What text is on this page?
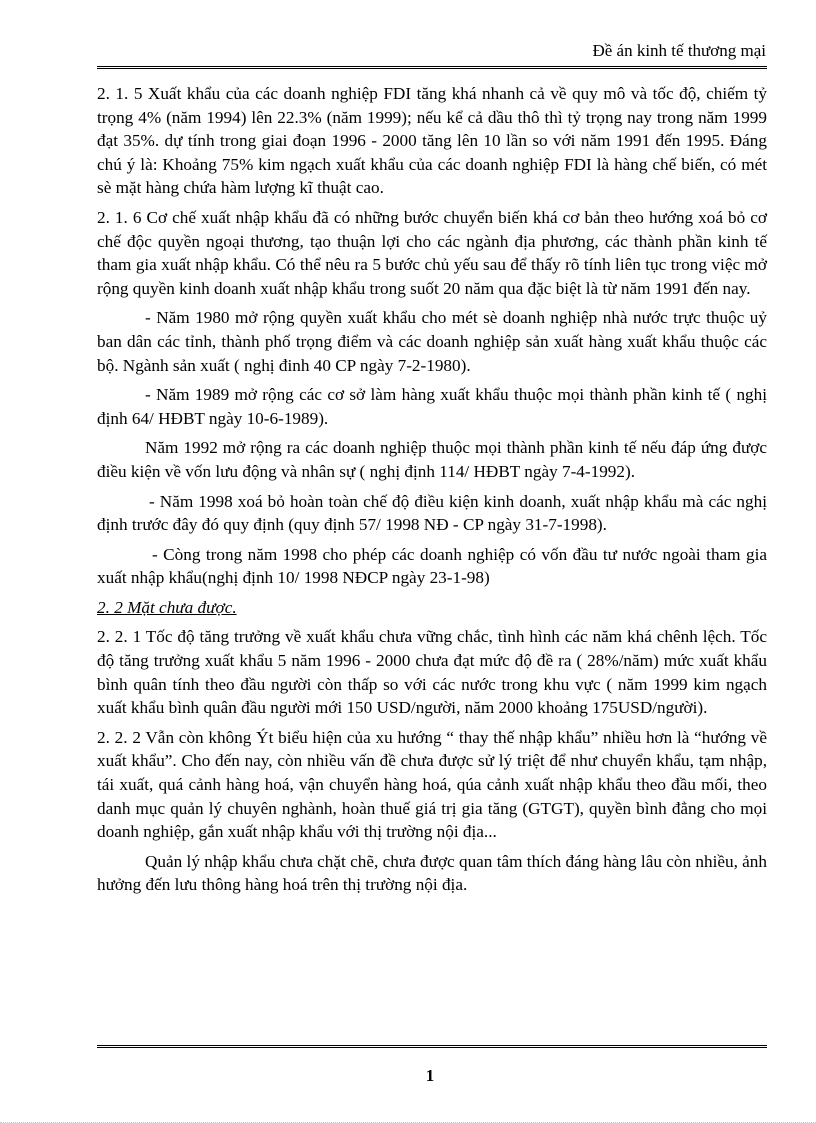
Đề án kinh tế thương mại

2. 1. 5 Xuất khẩu của các doanh nghiệp FDI tăng khá nhanh cả về quy mô và tốc độ, chiếm tỷ trọng 4% (năm 1994) lên 22.3% (năm 1999); nếu kể cả dầu thô thì tỷ trọng nay trong năm 1999 đạt 35%. dự tính trong giai đoạn 1996 - 2000 tăng lên 10 lần so với năm 1991 đến 1995. Đáng chú ý là: Khoảng 75% kim ngạch xuất khẩu của các doanh nghiệp FDI là hàng chế biến, có mét sè mặt hàng chứa hàm lượng kĩ thuật cao.

2. 1. 6 Cơ chế xuất nhập khẩu đã có những bước chuyển biến khá cơ bản theo hướng xoá bỏ cơ chế độc quyền ngoại thương, tạo thuận lợi cho các ngành địa phương, các thành phần kinh tế tham gia xuất nhập khẩu. Có thể nêu ra 5 bước chủ yếu sau để thấy rõ tính liên tục trong việc mở rộng quyền kinh doanh xuất nhập khẩu trong suốt 20 năm qua đặc biệt là từ năm 1991 đến nay.

- Năm 1980 mở rộng quyền xuất khẩu cho mét sè doanh nghiệp nhà nước trực thuộc uỷ ban dân các tỉnh, thành phố trọng điểm và các doanh nghiệp sản xuất hàng xuất khẩu thuộc các bộ. Ngành sản xuất ( nghị đinh 40 CP ngày 7-2-1980).

- Năm 1989 mở rộng các cơ sở làm hàng xuất khẩu thuộc mọi thành phần kinh tế ( nghị định 64/ HĐBT ngày 10-6-1989).

Năm 1992 mở rộng ra các doanh nghiệp thuộc mọi thành phần kinh tế nếu đáp ứng được điều kiện về vốn lưu động và nhân sự ( nghị định 114/ HĐBT ngày 7-4-1992).

- Năm 1998 xoá bỏ hoàn toàn chế độ điều kiện kinh doanh, xuất nhập khẩu mà các nghị định trước đây đó quy định (quy định 57/ 1998 NĐ - CP ngày 31-7-1998).

- Còng trong năm 1998 cho phép các doanh nghiệp có vốn đầu tư nước ngoài tham gia xuất nhập khẩu(nghị định 10/ 1998 NĐCP ngày 23-1-98)

2. 2 Mặt chưa được.

2. 2. 1 Tốc độ tăng trưởng về xuất khẩu chưa vững chắc, tình hình các năm khá chênh lệch. Tốc độ tăng trưởng xuất khẩu 5 năm 1996 - 2000 chưa đạt mức độ đề ra ( 28%/năm) mức xuất khẩu bình quân tính theo đầu người còn thấp so với các nước trong khu vực ( năm 1999 kim ngạch xuất khẩu bình quân đầu người mới 150 USD/người, năm 2000 khoảng 175USD/người).

2. 2. 2 Vẫn còn không Ýt biểu hiện của xu hướng “ thay thế nhập khẩu” nhiều hơn là “hướng về xuất khẩu”. Cho đến nay, còn nhiều vấn đề chưa được sử lý triệt để như chuyển khẩu, tạm nhập, tái xuất, quá cảnh hàng hoá, vận chuyển hàng hoá, qúa cảnh xuất nhập khẩu theo đầu mối, theo danh mục quản lý chuyên nghành, hoàn thuế giá trị gia tăng (GTGT), quyền bình đẳng cho mọi doanh nghiệp, gắn xuất nhập khẩu với thị trường nội địa...

Quản lý nhập khẩu chưa chặt chẽ, chưa được quan tâm thích đáng hàng lâu còn nhiều, ảnh hưởng đến lưu thông hàng hoá trên thị trường nội địa.

1
